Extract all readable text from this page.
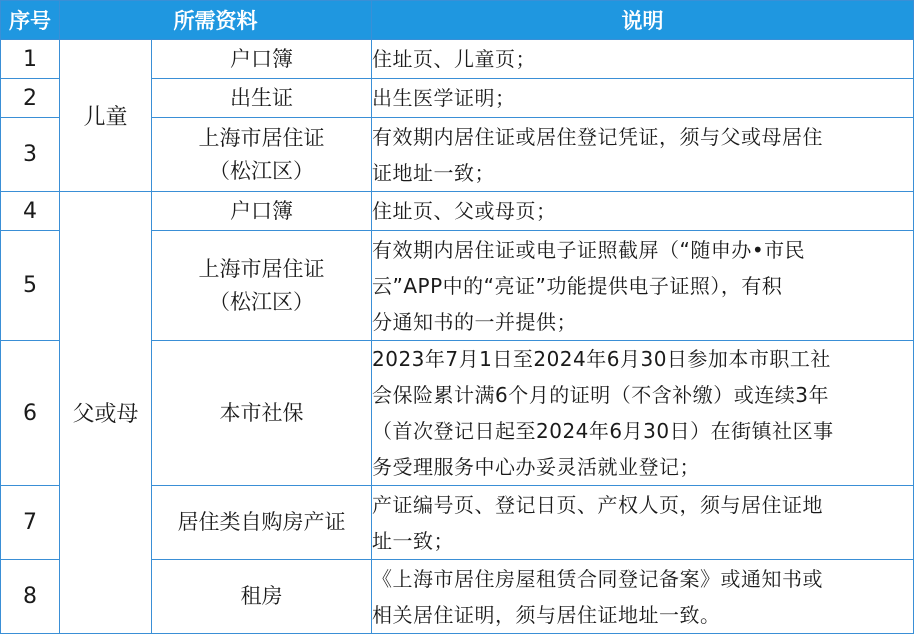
序号	所需资料		说明
1	儿童	户口簿	住址页、儿童页；

2		出生证	出生医学证明；

3		上海市居住证
（松江区）	有效期内居住证或居住登记凭证，须与父或母居住
证地址一致；

4	父或母	户口簿	住址页、父或母页；

5		上海市居住证
（松江区）	有效期内居住证或电子证照截屏（“随申办•市民
云”APP中的“亮证”功能提供电子证照），有积
分通知书的一并提供；

6		本市社保	2023年7月1日至2024年6月30日参加本市职工社
会保险累计满6个月的证明（不含补缴）或连续3年
（首次登记日起至2024年6月30日）在街镇社区事
务受理服务中心办妥灵活就业登记；

7		居住类自购房产证	产证编号页、登记日页、产权人页，须与居住证地
址一致；

8		租房	《上海市居住房屋租赁合同登记备案》或通知书或
相关居住证明，须与居住证地址一致。
